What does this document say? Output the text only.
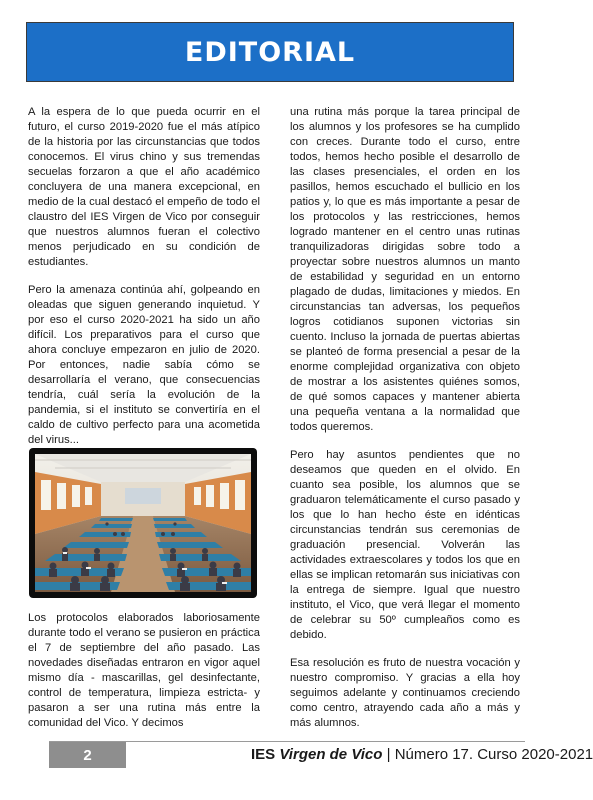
EDITORIAL

A la espera de lo que pueda ocurrir en el futuro, el curso 2019-2020 fue el más atípico de la historia por las circunstancias que todos conocemos. El virus chino y sus tremendas secuelas forzaron a que el año académico concluyera de una manera excepcional, en medio de la cual destacó el empeño de todo el claustro del IES Virgen de Vico por conseguir que nuestros alumnos fueran el colectivo menos perjudicado en su condición de estudiantes.

Pero la amenaza continúa ahí, golpeando en oleadas que siguen generando inquietud. Y por eso el curso 2020-2021 ha sido un año difícil. Los preparativos para el curso que ahora concluye empezaron en julio de 2020. Por entonces, nadie sabía cómo se desarrollaría el verano, que consecuencias tendría, cuál sería la evolución de la pandemia, si el instituto se convertiría en el caldo de cultivo perfecto para una acometida del virus...

Los protocolos elaborados laboriosamente durante todo el verano se pusieron en práctica el 7 de septiembre del año pasado. Las novedades diseñadas entraron en vigor aquel mismo día - mascarillas, gel desinfectante, control de temperatura, limpieza estricta- y pasaron a ser una rutina más entre la comunidad del Vico. Y decimos

una rutina más porque la tarea principal de los alumnos y los profesores se ha cumplido con creces. Durante todo el curso, entre todos, hemos hecho posible el desarrollo de las clases presenciales, el orden en los pasillos, hemos escuchado el bullicio en los patios y, lo que es más importante a pesar de los protocolos y las restricciones, hemos logrado mantener en el centro unas rutinas tranquilizadoras dirigidas sobre todo a proyectar sobre nuestros alumnos un manto de estabilidad y seguridad en un entorno plagado de dudas, limitaciones y miedos. En circunstancias tan adversas, los pequeños logros cotidianos suponen victorias sin cuento. Incluso la jornada de puertas abiertas se planteó de forma presencial a pesar de la enorme complejidad organizativa con objeto de mostrar a los asistentes quiénes somos, de qué somos capaces y mantener abierta una pequeña ventana a la normalidad que todos queremos.

Pero hay asuntos pendientes que no deseamos que queden en el olvido. En cuanto sea posible, los alumnos que se graduaron telemáticamente el curso pasado y los que lo han hecho éste en idénticas circunstancias tendrán sus ceremonias de graduación presencial. Volverán las actividades extraescolares y todos los que en ellas se implican retomarán sus iniciativas con la entrega de siempre. Igual que nuestro instituto, el Vico, que verá llegar el momento de celebrar su 50º cumpleaños como es debido.

Esa resolución es fruto de nuestra vocación y nuestro compromiso. Y gracias a ella hoy seguimos adelante y continuamos creciendo como centro, atrayendo cada año a más y más alumnos.

2	IES Virgen de Vico | Número 17. Curso 2020-2021
